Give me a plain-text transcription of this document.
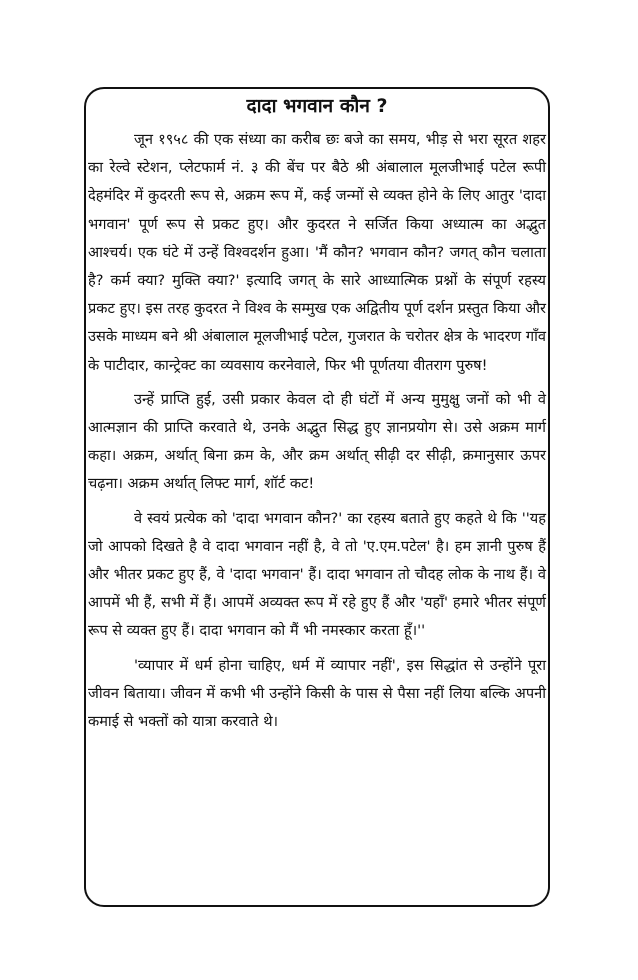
दादा भगवान कौन ?

जून १९५८ की एक संध्या का करीब छः बजे का समय, भीड़ से भरा सूरत शहर का रेल्वे स्टेशन, प्लेटफार्म नं. ३ की बेंच पर बैठे श्री अंबालाल मूलजीभाई पटेल रूपी देहमंदिर में कुदरती रूप से, अक्रम रूप में, कई जन्मों से व्यक्त होने के लिए आतुर 'दादा भगवान' पूर्ण रूप से प्रकट हुए। और कुदरत ने सर्जित किया अध्यात्म का अद्भुत आश्चर्य। एक घंटे में उन्हें विश्वदर्शन हुआ। 'मैं कौन? भगवान कौन? जगत् कौन चलाता है? कर्म क्या? मुक्ति क्या?' इत्यादि जगत् के सारे आध्यात्मिक प्रश्नों के संपूर्ण रहस्य प्रकट हुए। इस तरह कुदरत ने विश्व के सम्मुख एक अद्वितीय पूर्ण दर्शन प्रस्तुत किया और उसके माध्यम बने श्री अंबालाल मूलजीभाई पटेल, गुजरात के चरोतर क्षेत्र के भादरण गाँव के पाटीदार, कान्ट्रेक्ट का व्यवसाय करनेवाले, फिर भी पूर्णतया वीतराग पुरुष!

उन्हें प्राप्ति हुई, उसी प्रकार केवल दो ही घंटों में अन्य मुमुक्षु जनों को भी वे आत्मज्ञान की प्राप्ति करवाते थे, उनके अद्भुत सिद्ध हुए ज्ञानप्रयोग से। उसे अक्रम मार्ग कहा। अक्रम, अर्थात् बिना क्रम के, और क्रम अर्थात् सीढ़ी दर सीढ़ी, क्रमानुसार ऊपर चढ़ना। अक्रम अर्थात् लिफ्ट मार्ग, शॉर्ट कट!

वे स्वयं प्रत्येक को 'दादा भगवान कौन?' का रहस्य बताते हुए कहते थे कि ''यह जो आपको दिखते है वे दादा भगवान नहीं है, वे तो 'ए.एम.पटेल' है। हम ज्ञानी पुरुष हैं और भीतर प्रकट हुए हैं, वे 'दादा भगवान' हैं। दादा भगवान तो चौदह लोक के नाथ हैं। वे आपमें भी हैं, सभी में हैं। आपमें अव्यक्त रूप में रहे हुए हैं और 'यहाँ' हमारे भीतर संपूर्ण रूप से व्यक्त हुए हैं। दादा भगवान को मैं भी नमस्कार करता हूँ।''

'व्यापार में धर्म होना चाहिए, धर्म में व्यापार नहीं', इस सिद्धांत से उन्होंने पूरा जीवन बिताया। जीवन में कभी भी उन्होंने किसी के पास से पैसा नहीं लिया बल्कि अपनी कमाई से भक्तों को यात्रा करवाते थे।
